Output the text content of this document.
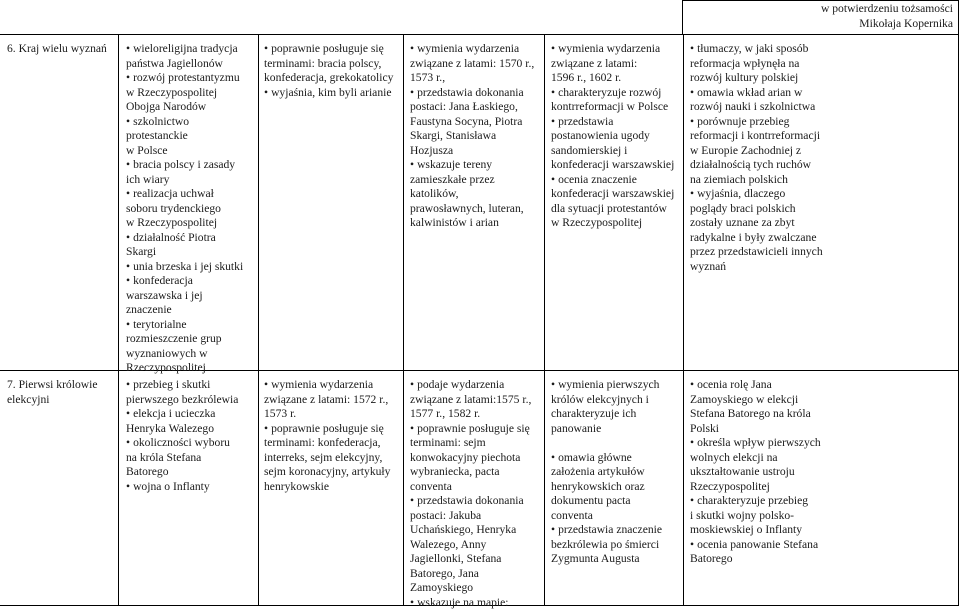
w potwierdzeniu tożsamości
Mikołaja Kopernika
6. Kraj wielu wyznań
•	wieloreligijna tradycja
państwa Jagiellonów
• rozwój protestantyzmu
w Rzeczypospolitej
Obojga Narodów
• szkolnictwo
protestanckie
w Polsce
• bracia polscy i zasady
ich wiary
• realizacja uchwał
soboru trydenckiego
w Rzeczypospolitej
• działalność Piotra
Skargi
• unia brzeska i jej skutki
• konfederacja
warszawska i jej
znaczenie
• terytorialne
rozmieszczenie grup
wyznaniowych w
Rzeczypospolitej
• poprawnie posługuje się
terminami: bracia polscy,
konfederacja, grekokatolicy
• wyjaśnia, kim byli arianie
• wymienia wydarzenia
związane z latami: 1570 r.,
1573 r.,
• przedstawia dokonania
postaci: Jana Łaskiego,
Faustyna Socyna, Piotra
Skargi, Stanisława
Hozjusza
• wskazuje tereny
zamieszkałe przez
katolików,
prawosławnych, luteran,
kalwinistów i arian
• wymienia wydarzenia
związane z latami:
1596 r., 1602 r.
• charakteryzuje rozwój
kontrreformacji w Polsce
• przedstawia
postanowienia ugody
sandomierskiej i
konfederacji warszawskiej
• ocenia znaczenie
konfederacji warszawskiej
dla sytuacji protestantów
w Rzeczypospolitej
• tłumaczy, w jaki sposób
reformacja wpłynęła na
rozwój kultury polskiej
• omawia wkład arian w
rozwój nauki i szkolnictwa
• porównuje przebieg
reformacji i kontrreformacji
w Europie Zachodniej z
działalnością tych ruchów
na ziemiach polskich
• wyjaśnia, dlaczego
poglądy braci polskich
zostały uznane za zbyt
radykalne i były zwalczane
przez przedstawicieli innych
wyznań
7. Pierwsi królowie
elekcyjni
• przebieg i skutki
pierwszego bezkrólewia
• elekcja i ucieczka
Henryka Walezego
• okoliczności wyboru
na króla Stefana
Batorego
• wojna o Inflanty
• wymienia wydarzenia
związane z latami: 1572 r.,
1573 r.
• poprawnie posługuje się
terminami: konfederacja,
interreks, sejm elekcyjny,
sejm koronacyjny, artykuły
henrykowskie
• podaje wydarzenia
związane z latami:1575 r.,
1577 r., 1582 r.
• poprawnie posługuje się
terminami: sejm
konwokacyjny piechota
wybraniecka, pacta
conventa
• przedstawia dokonania
postaci: Jakuba
Uchańskiego, Henryka
Walezego, Anny
Jagiellonki, Stefana
Batorego, Jana
Zamoyskiego
• wskazuje na mapie:
• wymienia pierwszych
królów elekcyjnych i
charakteryzuje ich
panowanie

• omawia główne
założenia artykułów
henrykowskich oraz
dokumentu pacta
conventa
• przedstawia znaczenie
bezkrólewia po śmierci
Zygmunta Augusta
• ocenia rolę Jana
Zamoyskiego w elekcji
Stefana Batorego na króla
Polski
• określa wpływ pierwszych
wolnych elekcji na
ukształtowanie ustroju
Rzeczypospolitej
• charakteryzuje przebieg
i skutki wojny polsko-
moskiewskiej o Inflanty
• ocenia panowanie Stefana
Batorego
